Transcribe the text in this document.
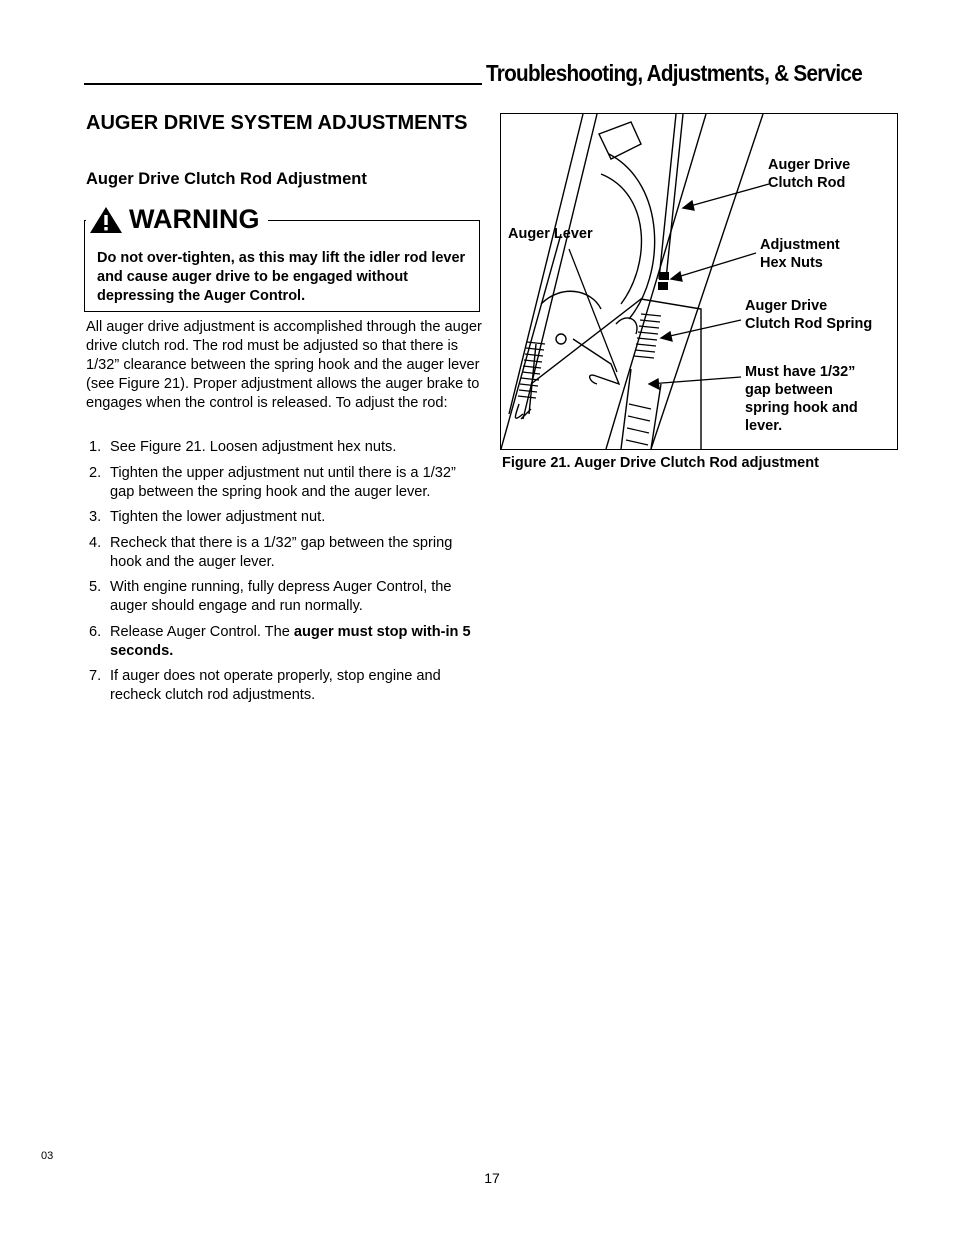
Troubleshooting, Adjustments, & Service
AUGER DRIVE SYSTEM ADJUSTMENTS
Auger Drive Clutch Rod Adjustment
WARNING
Do not over-tighten, as this may lift the idler rod lever and cause auger drive to be engaged without depressing the Auger Control.
All auger drive adjustment is accomplished through the auger drive clutch rod. The rod must be adjusted so that there is 1/32” clearance between the spring hook and the auger lever (see Figure 21). Proper adjustment allows the auger brake to engages when the control is released. To adjust the rod:
1. See Figure 21. Loosen adjustment hex nuts.
2. Tighten the upper adjustment nut until there is a 1/32” gap between the spring hook and the auger lever.
3. Tighten the lower adjustment nut.
4. Recheck that there is a 1/32” gap between the spring hook and the auger lever.
5. With engine running, fully depress Auger Control, the auger should engage and run normally.
6. Release Auger Control. The auger must stop with-in 5 seconds.
7. If auger does not operate properly, stop engine and recheck clutch rod adjustments.
Auger Lever
Auger Drive
Clutch Rod
Adjustment
Hex Nuts
Auger Drive
Clutch Rod Spring
Must have 1/32”
gap between
spring hook and
lever.
Figure 21. Auger Drive Clutch Rod adjustment
03
17
